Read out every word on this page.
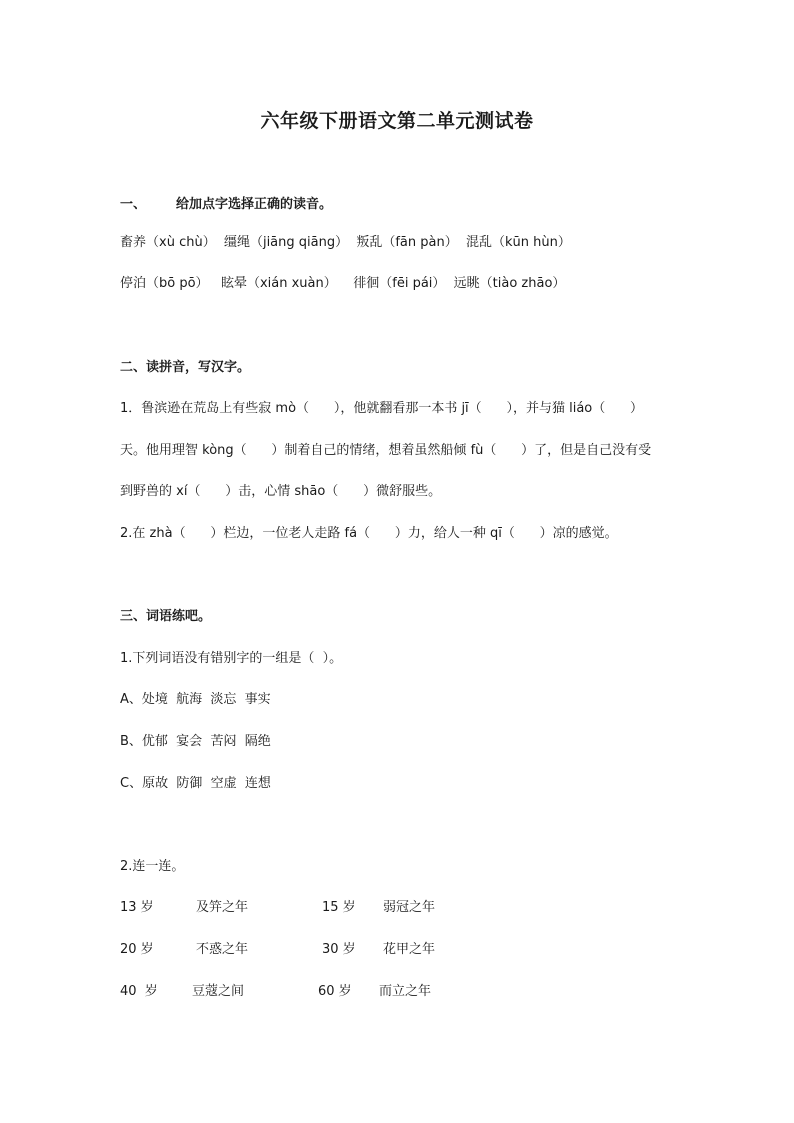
六年级下册语文第二单元测试卷
一、 给加点字选择正确的读音。
畜养（xù chù）  缰绳（jiāng qiāng）  叛乱（fān pàn）  混乱（kūn hùn）
停泊（bō pō）   眩晕（xián xuàn）    徘徊（fēi pái）  远眺（tiào zhāo）
二、读拼音，写汉字。
1．鲁滨逊在荒岛上有些寂 mò（      ），他就翻看那一本书 jī（      ），并与猫 liáo（      ）
天。他用理智 kòng（      ）制着自己的情绪，想着虽然船倾 fù（      ）了，但是自己没有受
到野兽的 xí（      ）击，心情 shāo（      ）微舒服些。
2.在 zhà（      ）栏边，一位老人走路 fá（      ）力，给人一种 qī（      ）凉的感觉。
三、词语练吧。
1.下列词语没有错别字的一组是（  ）。
A、处境  航海  淡忘  事实
B、优郁  宴会  苦闷  隔绝
C、原故  防御  空虚  连想
2.连一连。
13 岁	及笄之年	15 岁 弱冠之年
20 岁	不惑之年	30 岁 花甲之年
40  岁	豆蔻之间	60 岁 而立之年
